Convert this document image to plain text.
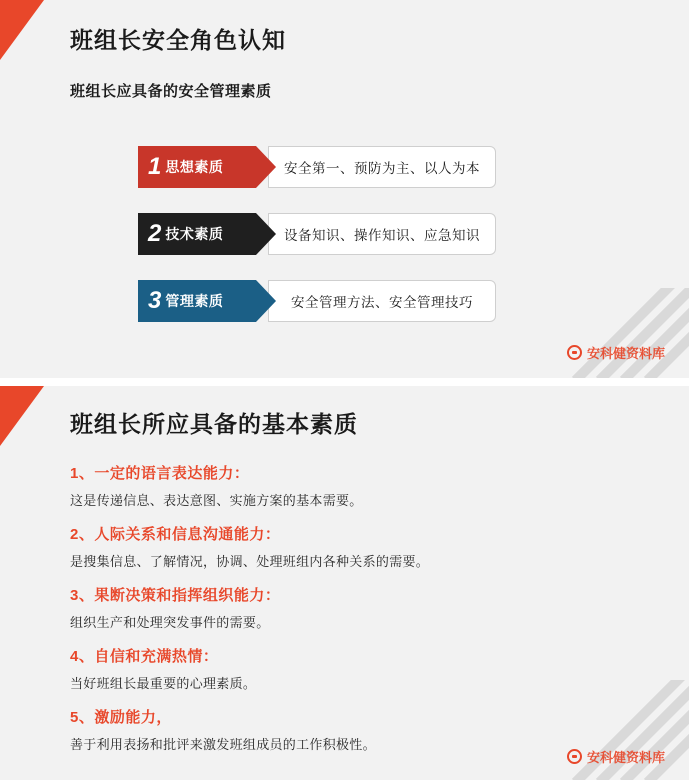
班组长安全角色认知
班组长应具备的安全管理素质
安全第一、预防为主、以人为本
1 思想素质
设备知识、操作知识、应急知识
2 技术素质
安全管理方法、安全管理技巧
3 管理素质
安科健资料库
班组长所应具备的基本素质
1、一定的语言表达能力：
这是传递信息、表达意图、实施方案的基本需要。
2、人际关系和信息沟通能力：
是搜集信息、了解情况，协调、处理班组内各种关系的需要。
3、果断决策和指挥组织能力：
组织生产和处理突发事件的需要。
4、自信和充满热情：
当好班组长最重要的心理素质。
5、激励能力，
善于利用表扬和批评来激发班组成员的工作积极性。
安科健资料库
